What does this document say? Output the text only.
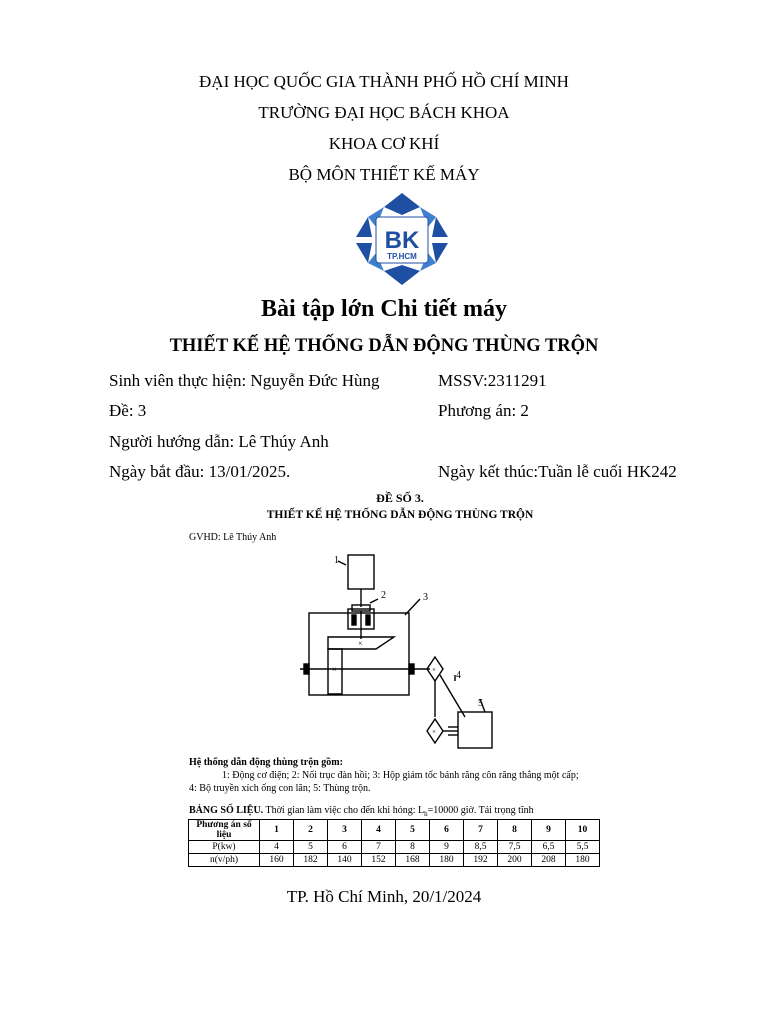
ĐẠI HỌC QUỐC GIA THÀNH PHỐ HỒ CHÍ MINH
TRƯỜNG ĐẠI HỌC BÁCH KHOA
KHOA CƠ KHÍ
BỘ MÔN THIẾT KẾ MÁY
BK
TP.HCM
Bài tập lớn Chi tiết máy
THIẾT KẾ HỆ THỐNG DẪN ĐỘNG THÙNG TRỘN
Sinh viên thực hiện: Nguyễn Đức Hùng	MSSV:2311291
Đề: 3	Phương án: 2
Người hướng dẫn: Lê Thúy Anh
Ngày bắt đầu: 13/01/2025.	Ngày kết thúc:Tuần lễ cuối HK242
ĐỀ SỐ 3.
THIẾT KẾ HỆ THỐNG DẪN ĐỘNG THÙNG TRỘN
GVHD: Lê Thúy Anh
×
×	×
×
1
2	3
4
5
Hệ thống dẫn động thùng trộn gồm:
1: Động cơ điện; 2: Nối trục đàn hồi; 3: Hộp giảm tốc bánh răng côn răng thẳng một cấp;
4: Bộ truyền xích ống con lăn; 5: Thùng trộn.
BẢNG SỐ LIỆU. Thời gian làm việc cho đến khi hỏng: $L_h=10000$ giờ. Tải trọng tĩnh
Phương án số liệu	1	2	3	4	5	6	7	8	9	10
P(kw)	4	5	6	7	8	9	8,5	7,5	6,5	5,5
n(v/ph)	160	182	140	152	168	180	192	200	208	180
TP. Hồ Chí Minh, 20/1/2024
